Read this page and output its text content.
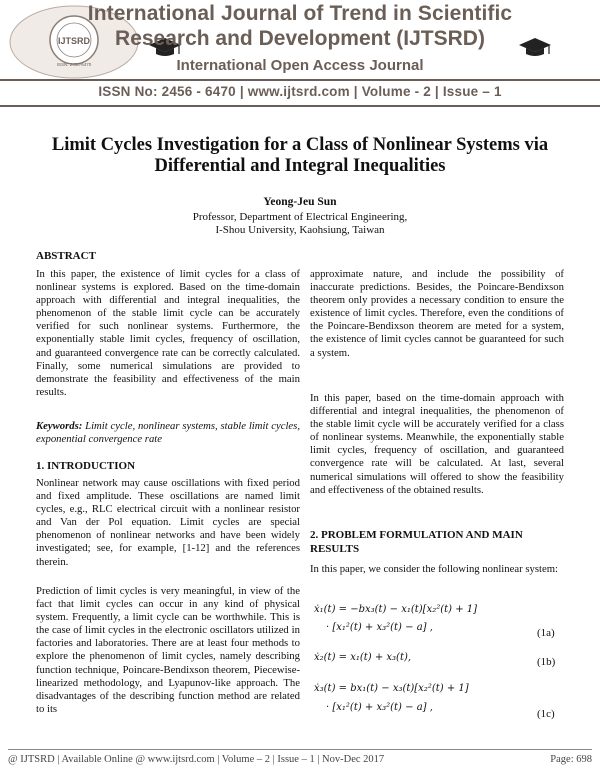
IJTSRD
ISSN: 2456-6470
International Journal of Trend in Scientific
Research and Development (IJTSRD)
International Open Access Journal
ISSN No: 2456 - 6470 | www.ijtsrd.com | Volume - 2 | Issue – 1
Limit Cycles Investigation for a Class of Nonlinear Systems via
Differential and Integral Inequalities
Yeong-Jeu Sun
Professor, Department of Electrical Engineering,
I-Shou University, Kaohsiung, Taiwan
ABSTRACT

In this paper, the existence of limit cycles for a class of nonlinear systems is explored. Based on the time-domain approach with differential and integral inequalities, the phenomenon of the stable limit cycle can be accurately verified for such nonlinear systems. Furthermore, the exponentially stable limit cycles, frequency of oscillation, and guaranteed convergence rate can be correctly calculated. Finally, some numerical simulations are provided to demonstrate the feasibility and effectiveness of the main results.

Keywords: Limit cycle, nonlinear systems, stable limit cycles, exponential convergence rate
1. INTRODUCTION

Nonlinear network may cause oscillations with fixed period and fixed amplitude. These oscillations are named limit cycles, e.g., RLC electrical circuit with a nonlinear resistor and Van der Pol equation. Limit cycles are special phenomenon of nonlinear networks and have been widely investigated; see, for example, [1-12] and the references therein.

Prediction of limit cycles is very meaningful, in view of the fact that limit cycles can occur in any kind of physical system. Frequently, a limit cycle can be worthwhile. This is the case of limit cycles in the electronic oscillators utilized in factories and laboratories. There are at least four methods to explore the phenomenon of limit cycles, namely describing function technique, Poincare-Bendixson theorem, Piecewise-linearized methodology, and Lyapunov-like approach. The disadvantages of the describing function method are related to its

approximate nature, and include the possibility of inaccurate predictions. Besides, the Poincare-Bendixson theorem only provides a necessary condition to ensure the existence of limit cycles. Therefore, even the conditions of the Poincare-Bendixson theorem are meted for a system, the existence of limit cycles cannot be guaranteed for such a system.

In this paper, based on the time-domain approach with differential and integral inequalities, the phenomenon of the stable limit cycle will be accurately verified for a class of nonlinear systems. Meanwhile, the exponentially stable limit cycles, frequency of oscillation, and guaranteed convergence rate will be calculated. At last, several numerical simulations will offered to show the feasibility and effectiveness of the obtained results.

2. PROBLEM FORMULATION AND MAIN RESULTS

In this paper, we consider the following nonlinear system:

ẋ₁(t) = −bx₃(t) − x₁(t)[x₂²(t) + 1]
· [x₁²(t) + x₃²(t) − a] ,	(1a)
ẋ₂(t) = x₁(t) + x₃(t),	(1b)
ẋ₃(t) = bx₁(t) − x₃(t)[x₂²(t) + 1]
· [x₁²(t) + x₃²(t) − a] ,
(1c)
@ IJTSRD | Available Online @ www.ijtsrd.com | Volume – 2 | Issue – 1 | Nov-Dec 2017	Page: 698
